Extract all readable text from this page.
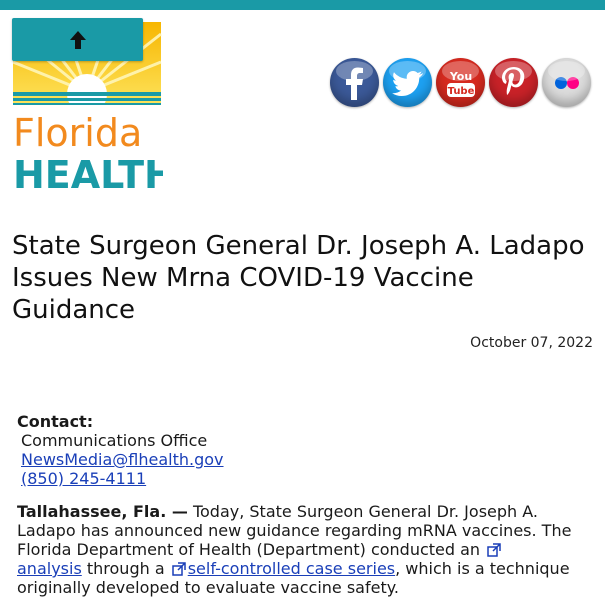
Florida
HEALTH
You
Tube
State Surgeon General Dr. Joseph A. Ladapo Issues New Mrna COVID-19 Vaccine Guidance
October 07, 2022
Contact:
Communications Office
NewsMedia@flhealth.gov
(850) 245-4111
Tallahassee, Fla. — Today, State Surgeon General Dr. Joseph A. Ladapo has announced new guidance regarding mRNA vaccines. The Florida Department of Health (Department) conducted an
analysis through a self-controlled case series, which is a technique originally developed to evaluate vaccine safety.
